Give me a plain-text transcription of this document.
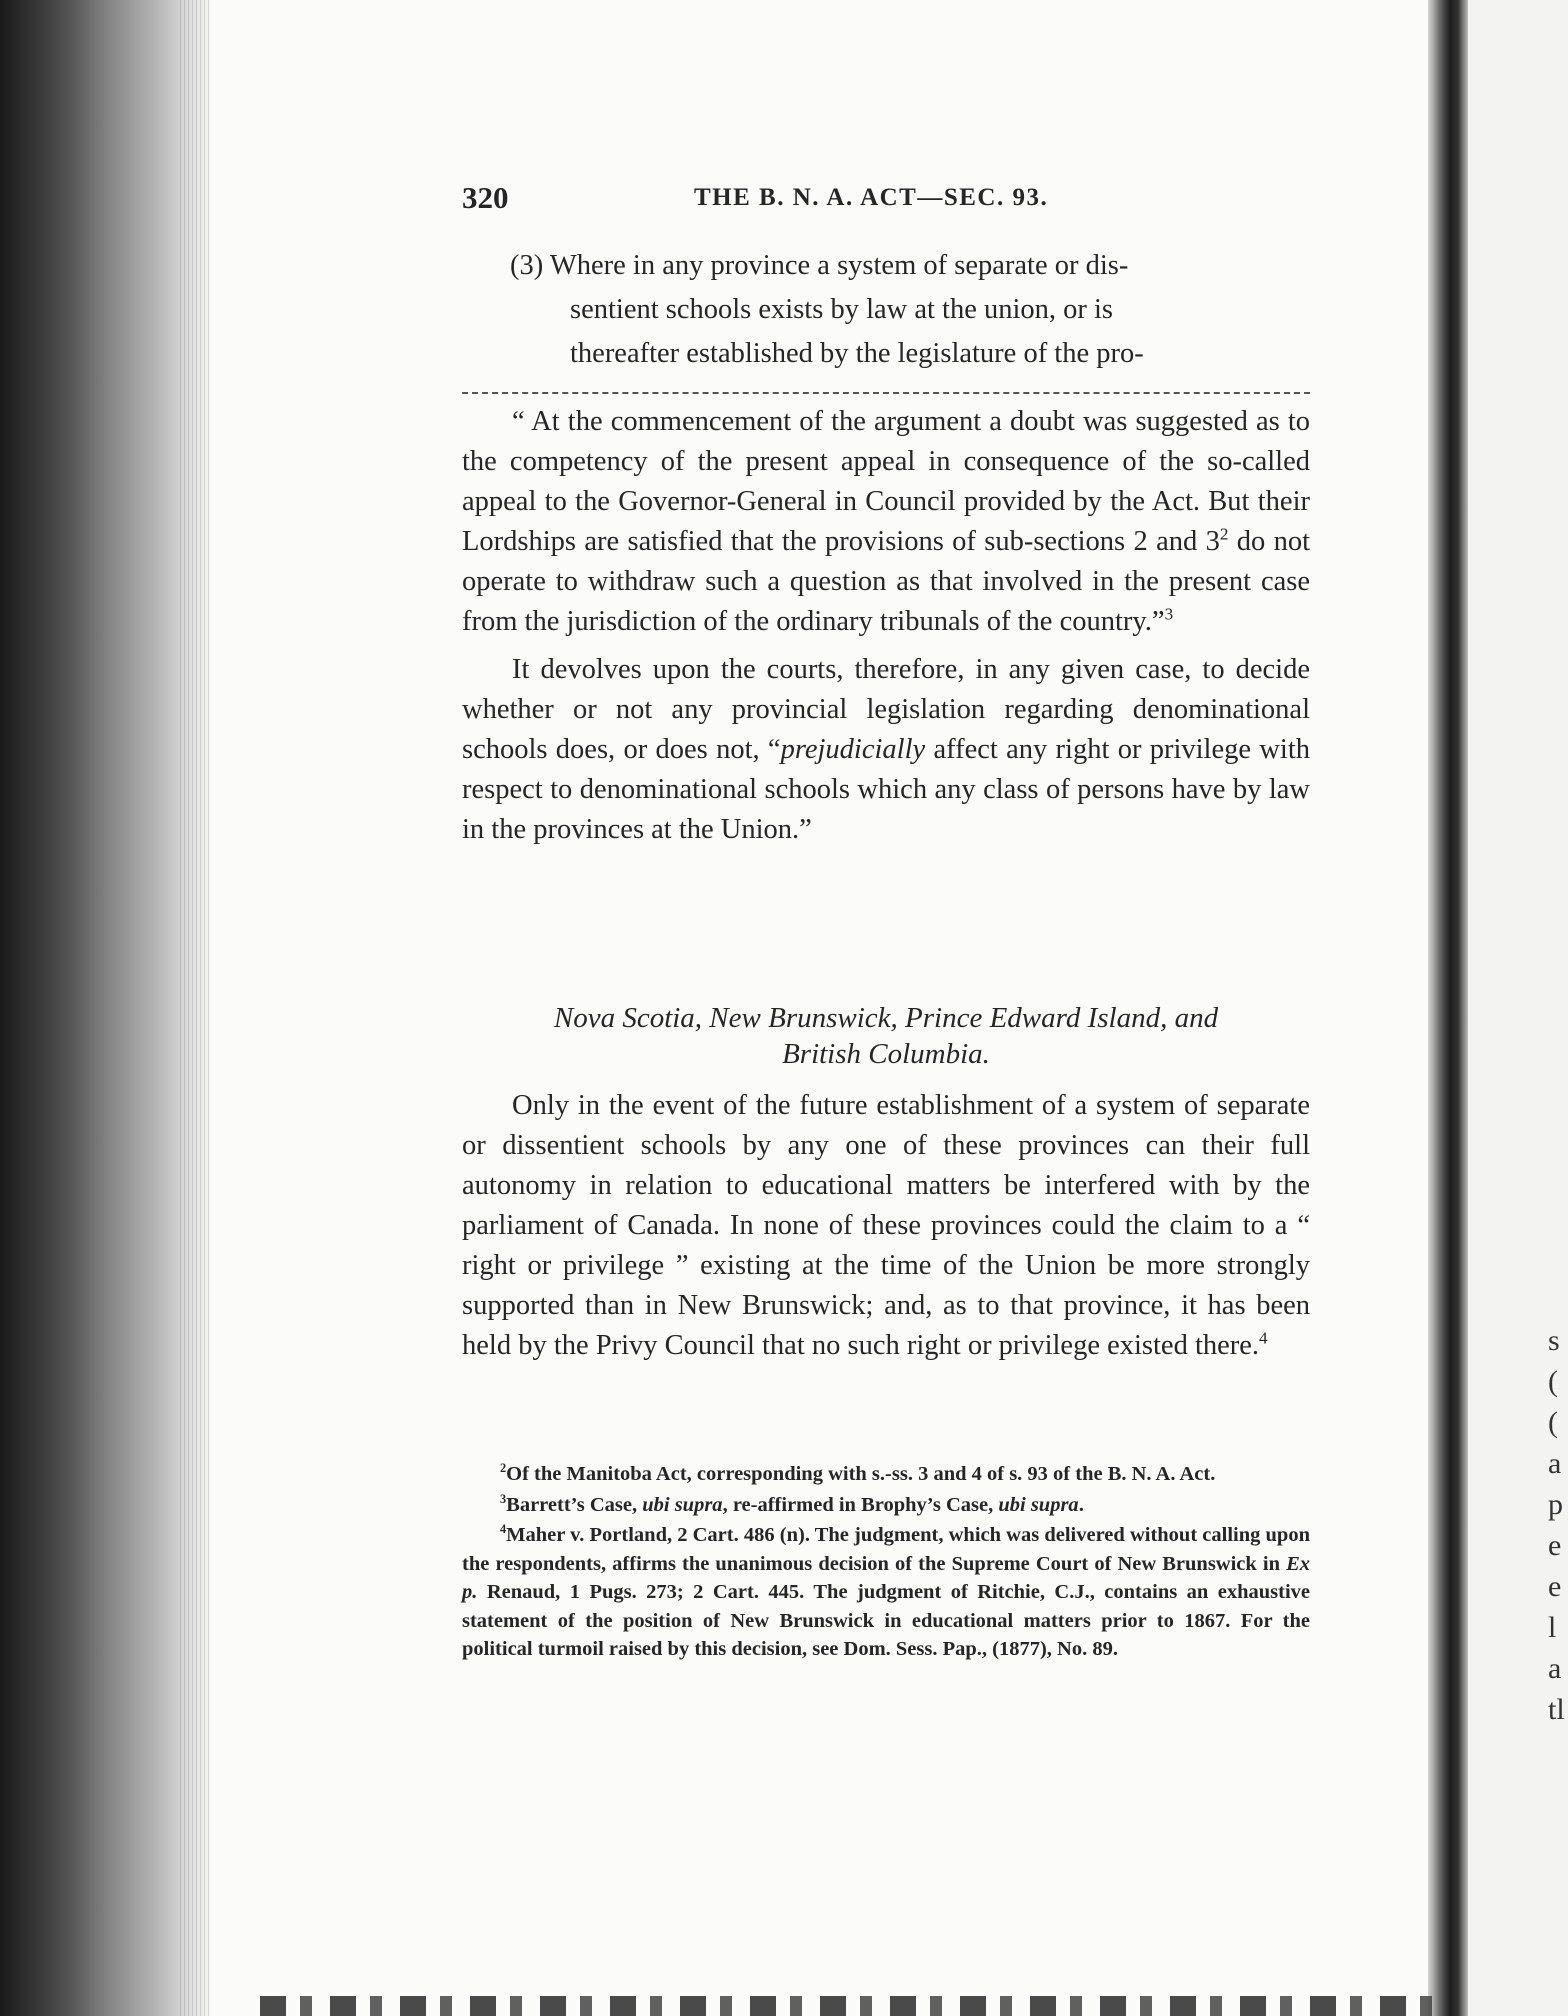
s
(
(
a
p
e
e
l
a
tl
320	THE B. N. A. ACT—SEC. 93.
(3) Where in any province a system of separate or dis-
sentient schools exists by law at the union, or is
thereafter established by the legislature of the pro-

“ At the commencement of the argument a doubt was suggested as to the competency of the present appeal in consequence of the so-called appeal to the Governor-General in Council provided by the Act. But their Lordships are satisfied that the provisions of sub-sections 2 and $3^2$ do not operate to withdraw such a question as that involved in the present case from the jurisdiction of the ordinary tribunals of the country.”$^3$

It devolves upon the courts, therefore, in any given case, to decide whether or not any provincial legislation regarding denominational schools does, or does not, “prejudicially affect any right or privilege with respect to denominational schools which any class of persons have by law in the provinces at the Union.”

Nova Scotia, New Brunswick, Prince Edward Island, and
British Columbia.

Only in the event of the future establishment of a system of separate or dissentient schools by any one of these provinces can their full autonomy in relation to educational matters be interfered with by the parliament of Canada. In none of these provinces could the claim to a “ right or privilege ” existing at the time of the Union be more strongly supported than in New Brunswick; and, as to that province, it has been held by the Privy Council that no such right or privilege existed there.$^4$

$^2$Of the Manitoba Act, corresponding with s.-ss. 3 and 4 of s. 93 of the B. N. A. Act.

$^3$Barrett’s Case, ubi supra, re-affirmed in Brophy’s Case, ubi supra.

$^4$Maher v. Portland, 2 Cart. 486 (n). The judgment, which was delivered without calling upon the respondents, affirms the unanimous decision of the Supreme Court of New Brunswick in Ex p. Renaud, 1 Pugs. 273; 2 Cart. 445. The judgment of Ritchie, C.J., contains an exhaustive statement of the position of New Brunswick in educational matters prior to 1867. For the political turmoil raised by this decision, see Dom. Sess. Pap., (1877), No. 89.
